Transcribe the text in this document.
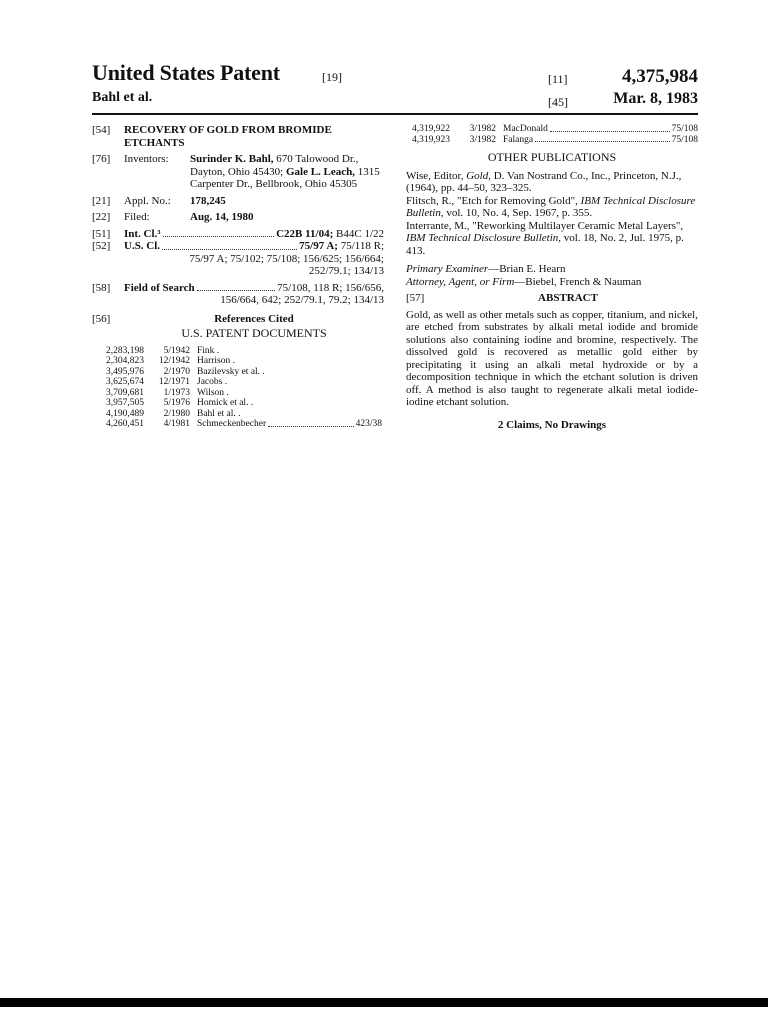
United States Patent	[19]
Bahl et al.
[11]
[45]
4,375,984
Mar. 8, 1983
[54]	RECOVERY OF GOLD FROM BROMIDE ETCHANTS
[76]	Inventors:	Surinder K. Bahl, 670 Talowood Dr., Dayton, Ohio 45430; Gale L. Leach, 1315 Carpenter Dr., Bellbrook, Ohio 45305
[21]	Appl. No.:	178,245
[22]	Filed:	Aug. 14, 1980
[51]	Int. Cl.³	C22B 11/04; B44C 1/22
[52]	U.S. Cl.	75/97 A; 75/118 R;
75/97 A; 75/102; 75/108; 156/625; 156/664;
252/79.1; 134/13
[58]	Field of Search	75/108, 118 R; 156/656,
156/664, 642; 252/79.1, 79.2; 134/13
[56]	References Cited
U.S. PATENT DOCUMENTS
2,283,198	5/1942	Fink .

2,304,823	12/1942	Harrison .

3,495,976	2/1970	Bazilevsky et al. .

3,625,674	12/1971	Jacobs .

3,709,681	1/1973	Wilson .

3,957,505	5/1976	Homick et al. .

4,190,489	2/1980	Bahl et al. .

4,260,451	4/1981	Schmeckenbecher 423/38
4,319,922	3/1982	MacDonald 75/108

4,319,923	3/1982	Falanga 75/108
OTHER PUBLICATIONS
Wise, Editor, Gold, D. Van Nostrand Co., Inc., Princeton, N.J., (1964), pp. 44–50, 323–325.
Flitsch, R., "Etch for Removing Gold", IBM Technical Disclosure Bulletin, vol. 10, No. 4, Sep. 1967, p. 355.
Interrante, M., "Reworking Multilayer Ceramic Metal Layers", IBM Technical Disclosure Bulletin, vol. 18, No. 2, Jul. 1975, p. 413.
Primary Examiner—Brian E. Hearn
Attorney, Agent, or Firm—Biebel, French & Nauman
[57]	ABSTRACT
Gold, as well as other metals such as copper, titanium, and nickel, are etched from substrates by alkali metal iodide and bromide solutions also containing iodine and bromine, respectively. The dissolved gold is recovered as metallic gold either by precipitating it using an alkali metal hydroxide or by a decomposition technique in which the etchant solution is driven off. A method is also taught to regenerate alkali metal iodide-iodine etchant solution.
2 Claims, No Drawings
